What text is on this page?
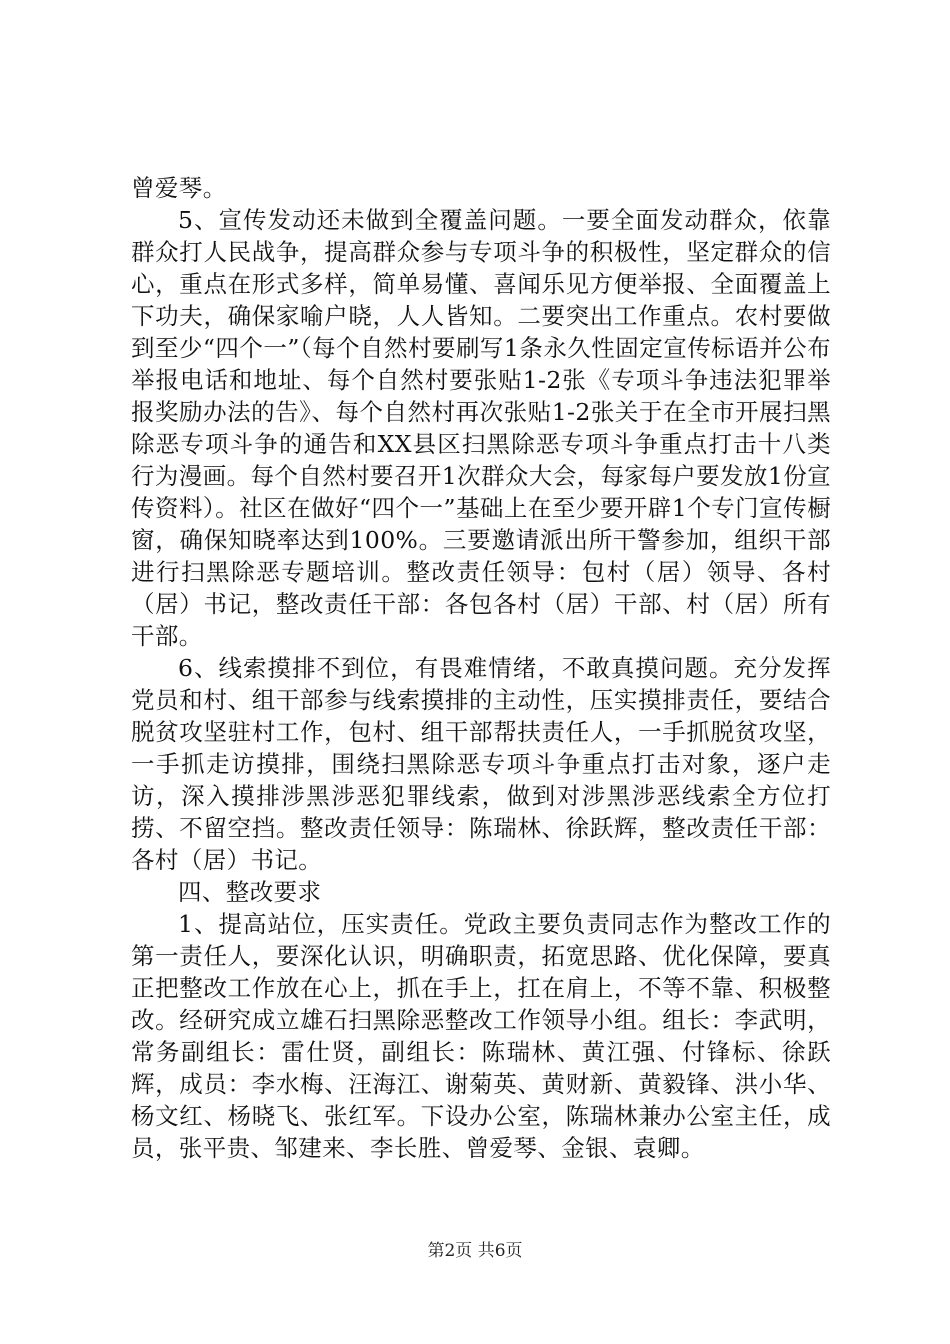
曾爱琴。

5、宣传发动还未做到全覆盖问题。一要全面发动群众，依靠群众打人民战争，提高群众参与专项斗争的积极性，坚定群众的信心，重点在形式多样，简单易懂、喜闻乐见方便举报、全面覆盖上下功夫，确保家喻户晓，人人皆知。二要突出工作重点。农村要做到至少“四个一”（每个自然村要刷写1条永久性固定宣传标语并公布举报电话和地址、每个自然村要张贴1-2张《专项斗争违法犯罪举报奖励办法的告》、每个自然村再次张贴1-2张关于在全市开展扫黑除恶专项斗争的通告和XX县区扫黑除恶专项斗争重点打击十八类行为漫画。每个自然村要召开1次群众大会，每家每户要发放1份宣传资料）。社区在做好“四个一”基础上在至少要开辟1个专门宣传橱窗，确保知晓率达到100%。三要邀请派出所干警参加，组织干部进行扫黑除恶专题培训。整改责任领导：包村（居）领导、各村（居）书记，整改责任干部：各包各村（居）干部、村（居）所有干部。

6、线索摸排不到位，有畏难情绪，不敢真摸问题。充分发挥党员和村、组干部参与线索摸排的主动性，压实摸排责任，要结合脱贫攻坚驻村工作，包村、组干部帮扶责任人，一手抓脱贫攻坚，一手抓走访摸排，围绕扫黑除恶专项斗争重点打击对象，逐户走访，深入摸排涉黑涉恶犯罪线索，做到对涉黑涉恶线索全方位打捞、不留空挡。整改责任领导：陈瑞林、徐跃辉，整改责任干部：各村（居）书记。

四、整改要求

1、提高站位，压实责任。党政主要负责同志作为整改工作的第一责任人，要深化认识，明确职责，拓宽思路、优化保障，要真正把整改工作放在心上，抓在手上，扛在肩上，不等不靠、积极整改。经研究成立雄石扫黑除恶整改工作领导小组。组长：李武明，常务副组长：雷仕贤，副组长：陈瑞林、黄江强、付锋标、徐跃辉，成员：李水梅、汪海江、谢菊英、黄财新、黄毅锋、洪小华、杨文红、杨晓飞、张红军。下设办公室，陈瑞林兼办公室主任，成员，张平贵、邹建来、李长胜、曾爱琴、金银、袁卿。

第2页 共6页
